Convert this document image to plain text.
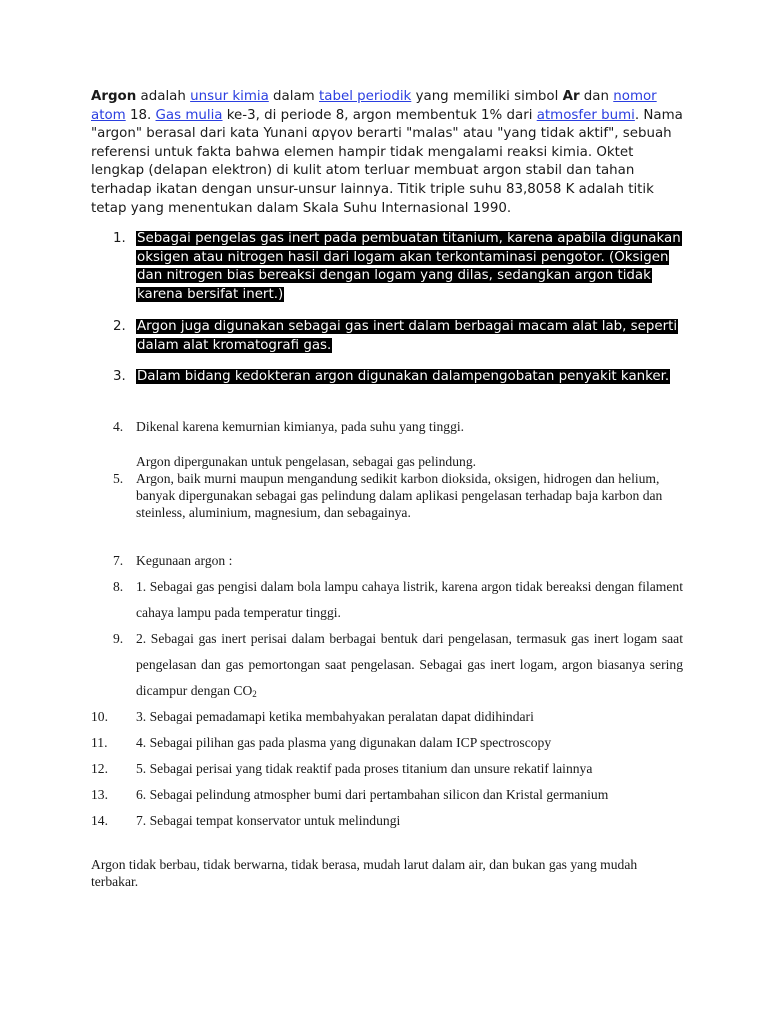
Argon adalah unsur kimia dalam tabel periodik yang memiliki simbol Ar dan nomor atom 18. Gas mulia ke-3, di periode 8, argon membentuk 1% dari atmosfer bumi. Nama "argon" berasal dari kata Yunani αργον berarti "malas" atau "yang tidak aktif", sebuah referensi untuk fakta bahwa elemen hampir tidak mengalami reaksi kimia. Oktet lengkap (delapan elektron) di kulit atom terluar membuat argon stabil dan tahan terhadap ikatan dengan unsur-unsur lainnya. Titik triple suhu 83,8058 K adalah titik tetap yang menentukan dalam Skala Suhu Internasional 1990.

1. Sebagai pengelas gas inert pada pembuatan titanium, karena apabila digunakan oksigen atau nitrogen hasil dari logam akan terkontaminasi pengotor. (Oksigen dan nitrogen bias bereaksi dengan logam yang dilas, sedangkan argon tidak karena bersifat inert.)
2. Argon juga digunakan sebagai gas inert dalam berbagai macam alat lab, seperti dalam alat kromatografi gas.
3. Dalam bidang kedokteran argon digunakan dalampengobatan penyakit kanker.
4. Dikenal karena kemurnian kimianya, pada suhu yang tinggi.
Argon dipergunakan untuk pengelasan, sebagai gas pelindung.
5. Argon, baik murni maupun mengandung sedikit karbon dioksida, oksigen, hidrogen dan helium, banyak dipergunakan sebagai gas pelindung dalam aplikasi pengelasan terhadap baja karbon dan steinless, aluminium, magnesium, dan sebagainya.
7. Kegunaan argon :
8. 1. Sebagai gas pengisi dalam bola lampu cahaya listrik, karena argon tidak bereaksi dengan filament cahaya lampu pada temperatur tinggi.
9. 2. Sebagai gas inert perisai dalam berbagai bentuk dari pengelasan, termasuk gas inert logam saat pengelasan dan gas pemortongan saat pengelasan. Sebagai gas inert logam, argon biasanya sering dicampur dengan $CO_2$
10. 3. Sebagai pemadamapi ketika membahyakan peralatan dapat didihindari
11. 4. Sebagai pilihan gas pada plasma yang digunakan dalam ICP spectroscopy
12. 5. Sebagai perisai yang tidak reaktif pada proses titanium dan unsure rekatif lainnya
13. 6. Sebagai pelindung atmospher bumi dari pertambahan silicon dan Kristal germanium
14. 7. Sebagai tempat konservator untuk melindungi
Argon tidak berbau, tidak berwarna, tidak berasa, mudah larut dalam air, dan bukan gas yang mudah terbakar.
